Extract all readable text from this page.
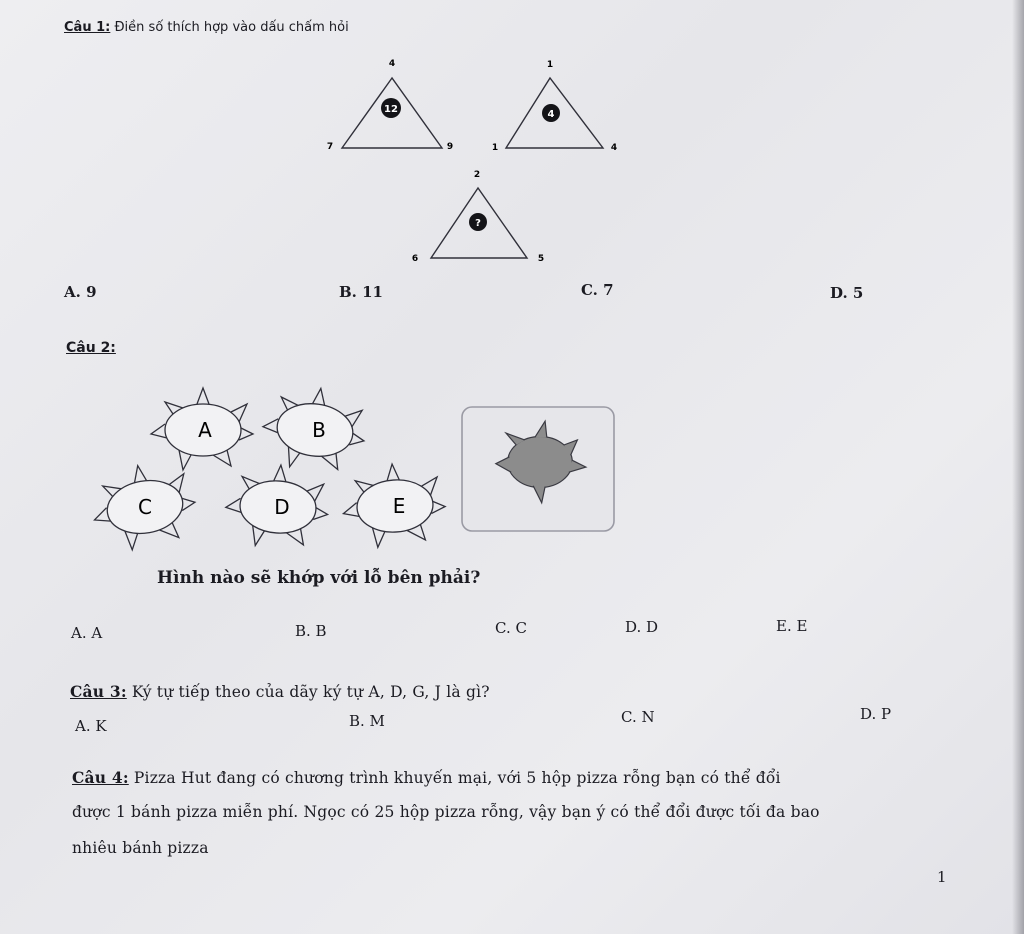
Câu 1: Điền số thích hợp vào dấu chấm hỏi
4
7	9
12
1
1	4
4
2
6	5
?
A. 9	B. 11	C. 7	D. 5
Câu 2:
A	B
C	D	E
Hình nào sẽ khớp với lỗ bên phải?
A. A	B. B	C. C	D. D	E. E
Câu 3: Ký tự tiếp theo của dãy ký tự A, D, G, J là gì?
A. K	B. M	C. N	D. P
Câu 4: Pizza Hut đang có chương trình khuyến mại, với 5 hộp pizza rỗng bạn có thể đổi
được 1 bánh pizza miễn phí. Ngọc có 25 hộp pizza rỗng, vậy bạn ý có thể đổi được tối đa bao
nhiêu bánh pizza
1
